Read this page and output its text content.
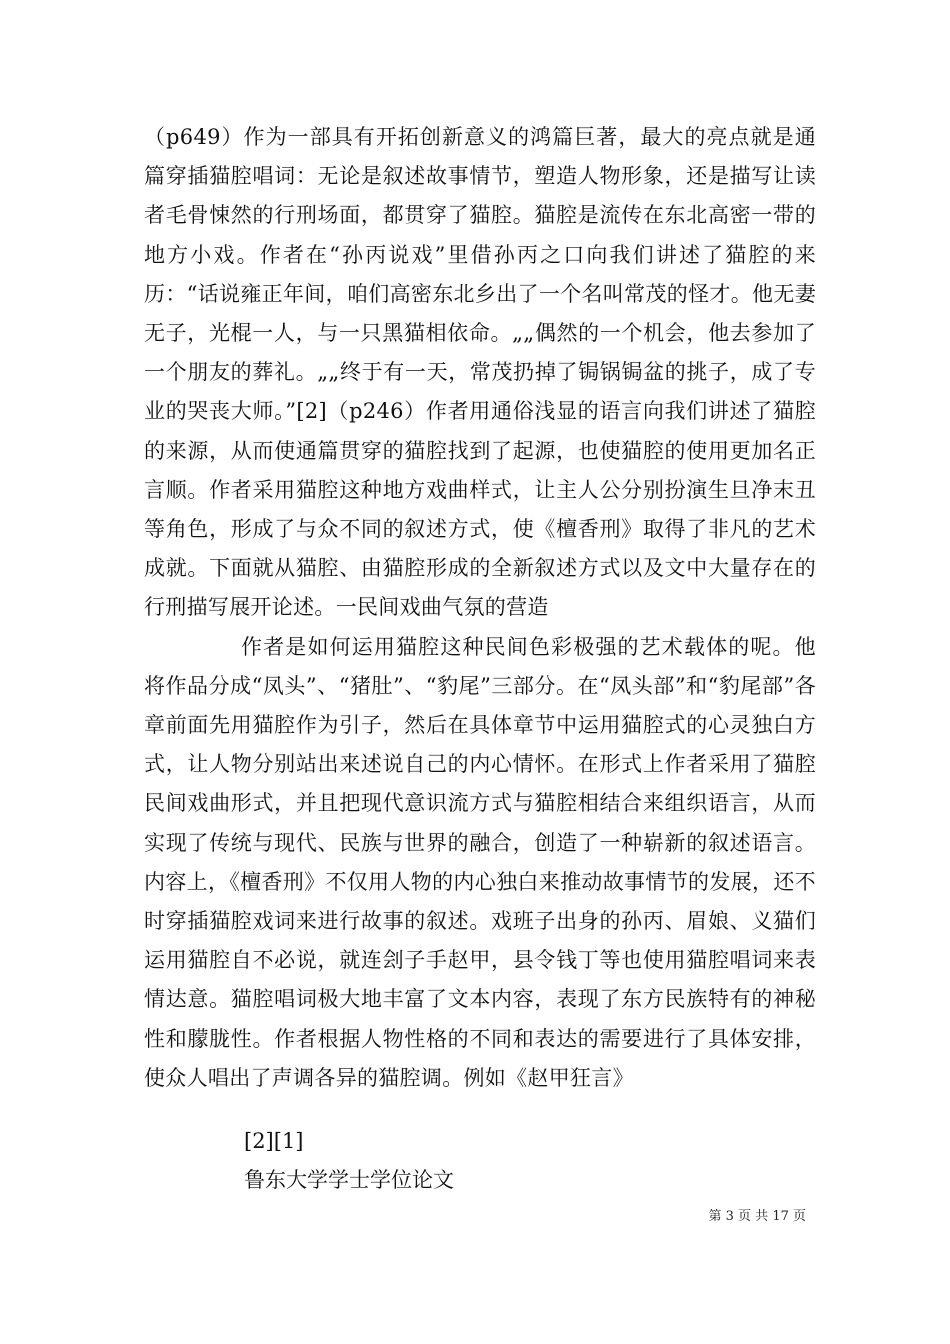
（p649）作为一部具有开拓创新意义的鸿篇巨著，最大的亮点就是通篇穿插猫腔唱词：无论是叙述故事情节，塑造人物形象，还是描写让读者毛骨悚然的行刑场面，都贯穿了猫腔。猫腔是流传在东北高密一带的地方小戏。作者在“孙丙说戏”里借孙丙之口向我们讲述了猫腔的来历：“话说雍正年间，咱们高密东北乡出了一个名叫常茂的怪才。他无妻无子，光棍一人，与一只黑猫相依命。„„偶然的一个机会，他去参加了一个朋友的葬礼。„„终于有一天，常茂扔掉了锔锅锔盆的挑子，成了专业的哭丧大师。”[2]（p246）作者用通俗浅显的语言向我们讲述了猫腔的来源，从而使通篇贯穿的猫腔找到了起源，也使猫腔的使用更加名正言顺。作者采用猫腔这种地方戏曲样式，让主人公分别扮演生旦净末丑等角色，形成了与众不同的叙述方式，使《檀香刑》取得了非凡的艺术成就。下面就从猫腔、由猫腔形成的全新叙述方式以及文中大量存在的行刑描写展开论述。一民间戏曲气氛的营造

作者是如何运用猫腔这种民间色彩极强的艺术载体的呢。他将作品分成“凤头”、“猪肚”、“豹尾”三部分。在“凤头部”和“豹尾部”各章前面先用猫腔作为引子，然后在具体章节中运用猫腔式的心灵独白方式，让人物分别站出来述说自己的内心情怀。在形式上作者采用了猫腔民间戏曲形式，并且把现代意识流方式与猫腔相结合来组织语言，从而实现了传统与现代、民族与世界的融合，创造了一种崭新的叙述语言。内容上，《檀香刑》不仅用人物的内心独白来推动故事情节的发展，还不时穿插猫腔戏词来进行故事的叙述。戏班子出身的孙丙、眉娘、义猫们运用猫腔自不必说，就连刽子手赵甲，县令钱丁等也使用猫腔唱词来表情达意。猫腔唱词极大地丰富了文本内容，表现了东方民族特有的神秘性和朦胧性。作者根据人物性格的不同和表达的需要进行了具体安排，使众人唱出了声调各异的猫腔调。例如《赵甲狂言》

[2][1]
鲁东大学学士学位论文
第 3 页 共 17 页
